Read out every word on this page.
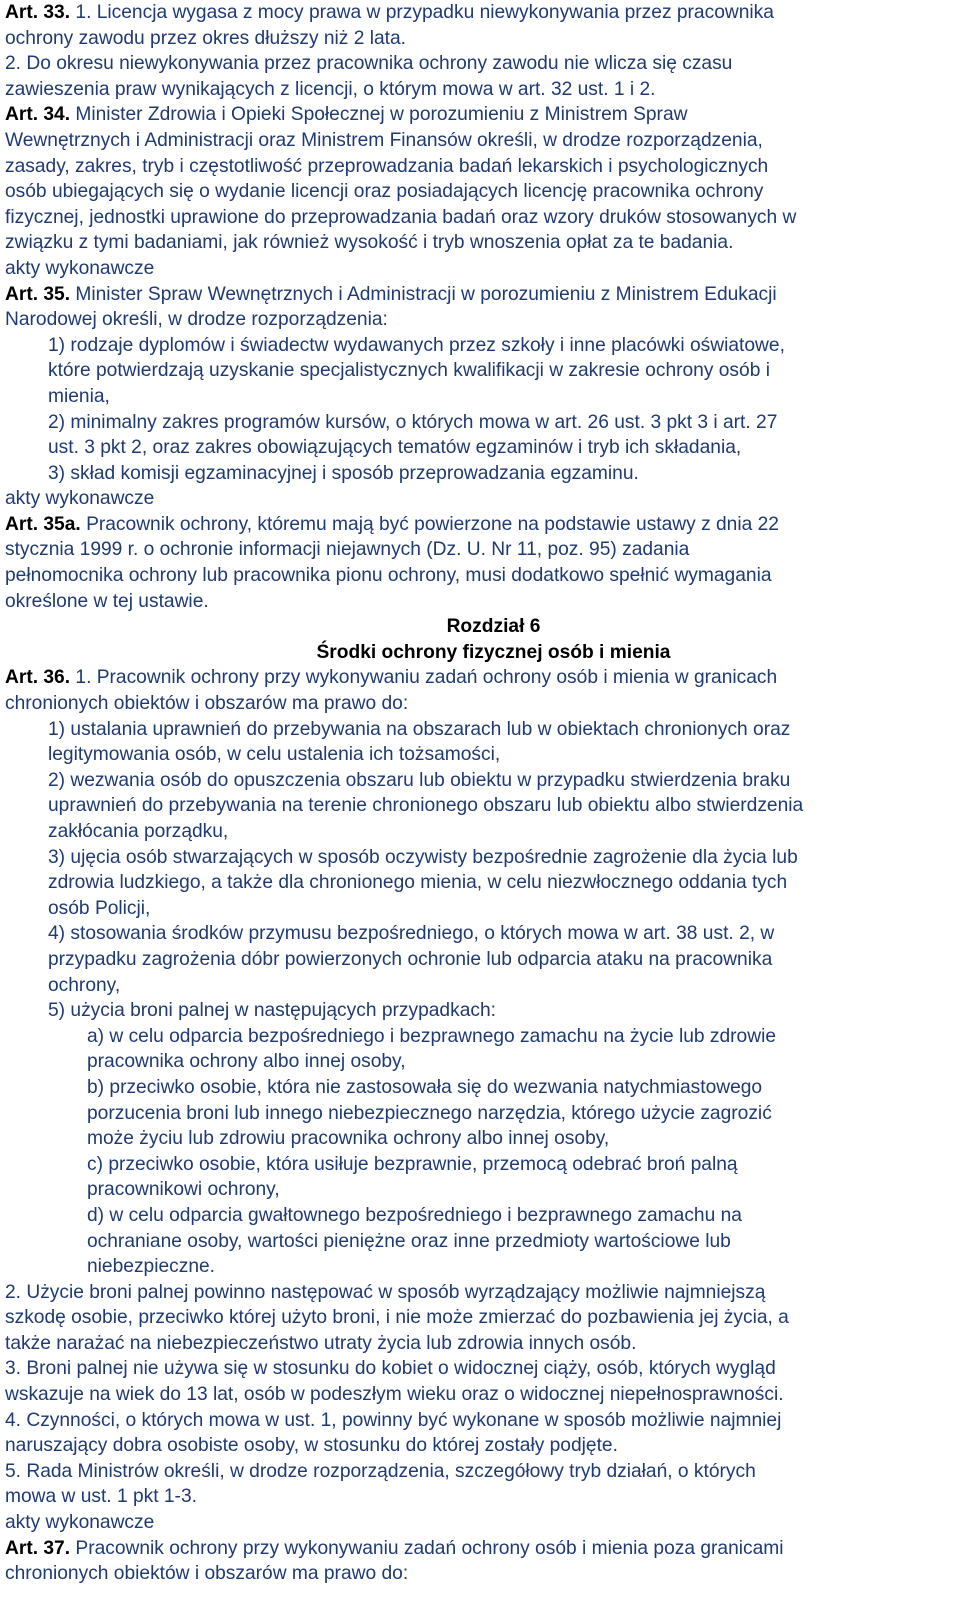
Art. 33. 1. Licencja wygasa z mocy prawa w przypadku niewykonywania przez pracownika
ochrony zawodu przez okres dłuższy niż 2 lata.
2. Do okresu niewykonywania przez pracownika ochrony zawodu nie wlicza się czasu
zawieszenia praw wynikających z licencji, o którym mowa w art. 32 ust. 1 i 2.
Art. 34. Minister Zdrowia i Opieki Społecznej w porozumieniu z Ministrem Spraw
Wewnętrznych i Administracji oraz Ministrem Finansów określi, w drodze rozporządzenia,
zasady, zakres, tryb i częstotliwość przeprowadzania badań lekarskich i psychologicznych
osób ubiegających się o wydanie licencji oraz posiadających licencję pracownika ochrony
fizycznej, jednostki uprawione do przeprowadzania badań oraz wzory druków stosowanych w
związku z tymi badaniami, jak również wysokość i tryb wnoszenia opłat za te badania.
akty wykonawcze
Art. 35. Minister Spraw Wewnętrznych i Administracji w porozumieniu z Ministrem Edukacji
Narodowej określi, w drodze rozporządzenia:
1) rodzaje dyplomów i świadectw wydawanych przez szkoły i inne placówki oświatowe,
które potwierdzają uzyskanie specjalistycznych kwalifikacji w zakresie ochrony osób i
mienia,
2) minimalny zakres programów kursów, o których mowa w art. 26 ust. 3 pkt 3 i art. 27
ust. 3 pkt 2, oraz zakres obowiązujących tematów egzaminów i tryb ich składania,
3) skład komisji egzaminacyjnej i sposób przeprowadzania egzaminu.
akty wykonawcze
Art. 35a. Pracownik ochrony, któremu mają być powierzone na podstawie ustawy z dnia 22
stycznia 1999 r. o ochronie informacji niejawnych (Dz. U. Nr 11, poz. 95) zadania
pełnomocnika ochrony lub pracownika pionu ochrony, musi dodatkowo spełnić wymagania
określone w tej ustawie.
Rozdział 6
Środki ochrony fizycznej osób i mienia
Art. 36. 1. Pracownik ochrony przy wykonywaniu zadań ochrony osób i mienia w granicach
chronionych obiektów i obszarów ma prawo do:
1) ustalania uprawnień do przebywania na obszarach lub w obiektach chronionych oraz
legitymowania osób, w celu ustalenia ich tożsamości,
2) wezwania osób do opuszczenia obszaru lub obiektu w przypadku stwierdzenia braku
uprawnień do przebywania na terenie chronionego obszaru lub obiektu albo stwierdzenia
zakłócania porządku,
3) ujęcia osób stwarzających w sposób oczywisty bezpośrednie zagrożenie dla życia lub
zdrowia ludzkiego, a także dla chronionego mienia, w celu niezwłocznego oddania tych
osób Policji,
4) stosowania środków przymusu bezpośredniego, o których mowa w art. 38 ust. 2, w
przypadku zagrożenia dóbr powierzonych ochronie lub odparcia ataku na pracownika
ochrony,
5) użycia broni palnej w następujących przypadkach:
a) w celu odparcia bezpośredniego i bezprawnego zamachu na życie lub zdrowie
pracownika ochrony albo innej osoby,
b) przeciwko osobie, która nie zastosowała się do wezwania natychmiastowego
porzucenia broni lub innego niebezpiecznego narzędzia, którego użycie zagrozić
może życiu lub zdrowiu pracownika ochrony albo innej osoby,
c) przeciwko osobie, która usiłuje bezprawnie, przemocą odebrać broń palną
pracownikowi ochrony,
d) w celu odparcia gwałtownego bezpośredniego i bezprawnego zamachu na
ochraniane osoby, wartości pieniężne oraz inne przedmioty wartościowe lub
niebezpieczne.
2. Użycie broni palnej powinno następować w sposób wyrządzający możliwie najmniejszą
szkodę osobie, przeciwko której użyto broni, i nie może zmierzać do pozbawienia jej życia, a
także narażać na niebezpieczeństwo utraty życia lub zdrowia innych osób.
3. Broni palnej nie używa się w stosunku do kobiet o widocznej ciąży, osób, których wygląd
wskazuje na wiek do 13 lat, osób w podeszłym wieku oraz o widocznej niepełnosprawności.
4. Czynności, o których mowa w ust. 1, powinny być wykonane w sposób możliwie najmniej
naruszający dobra osobiste osoby, w stosunku do której zostały podjęte.
5. Rada Ministrów określi, w drodze rozporządzenia, szczegółowy tryb działań, o których
mowa w ust. 1 pkt 1-3.
akty wykonawcze
Art. 37. Pracownik ochrony przy wykonywaniu zadań ochrony osób i mienia poza granicami
chronionych obiektów i obszarów ma prawo do:
